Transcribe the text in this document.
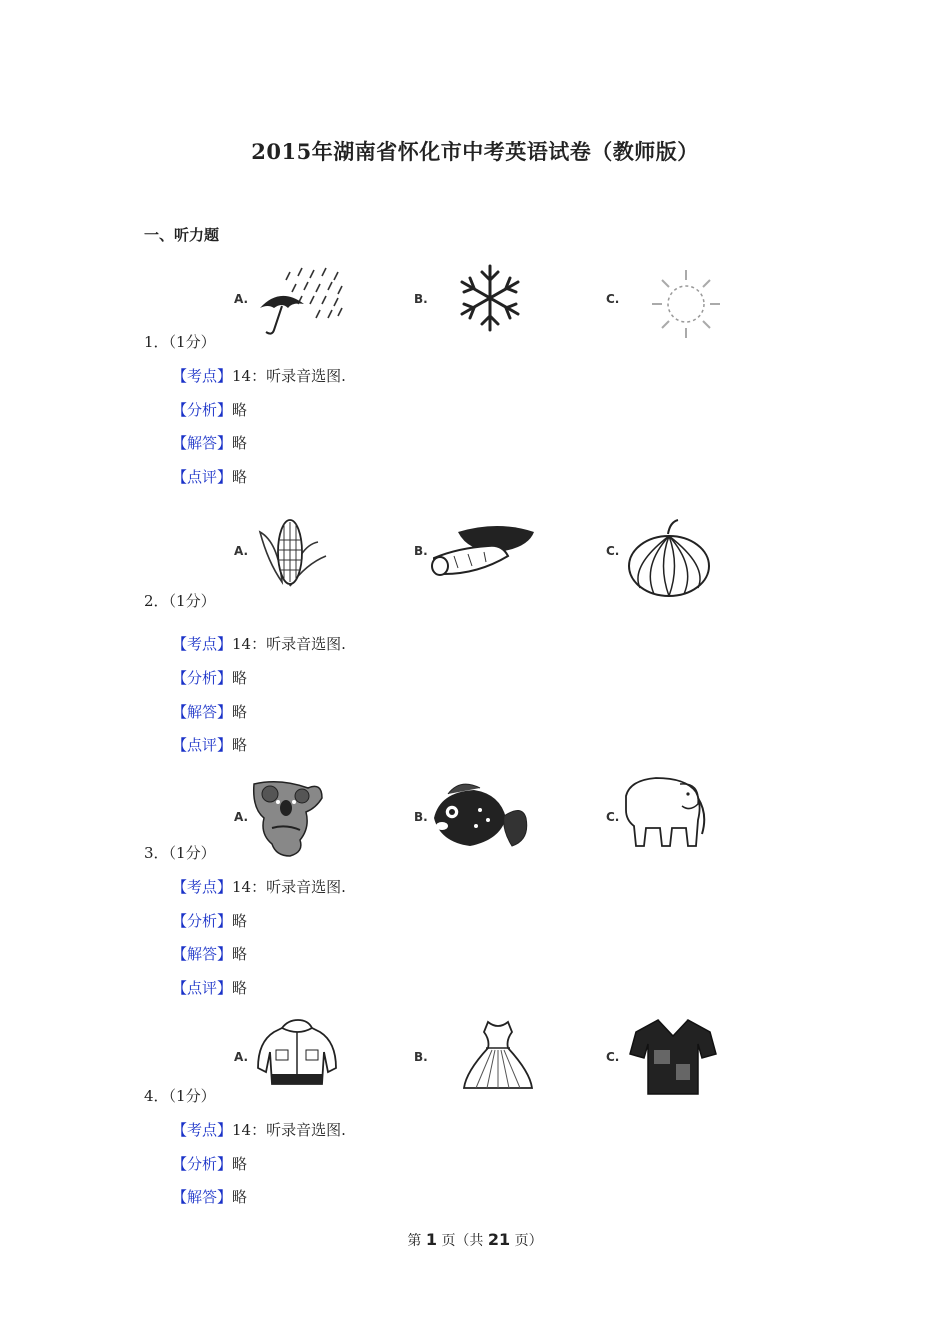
2015年湖南省怀化市中考英语试卷（教师版）
一、听力题
A.	B.	C.
1．（1分）
【考点】14：听录音选图.
【分析】略
【解答】略
【点评】略
A.	B.	C.
2．（1分）
【考点】14：听录音选图.
【分析】略
【解答】略
【点评】略
A.	B.	C.
3．（1分）
【考点】14：听录音选图.
【分析】略
【解答】略
【点评】略
A.	B.	C.
4．（1分）
【考点】14：听录音选图.
【分析】略
【解答】略
第 1 页（共 21 页）
